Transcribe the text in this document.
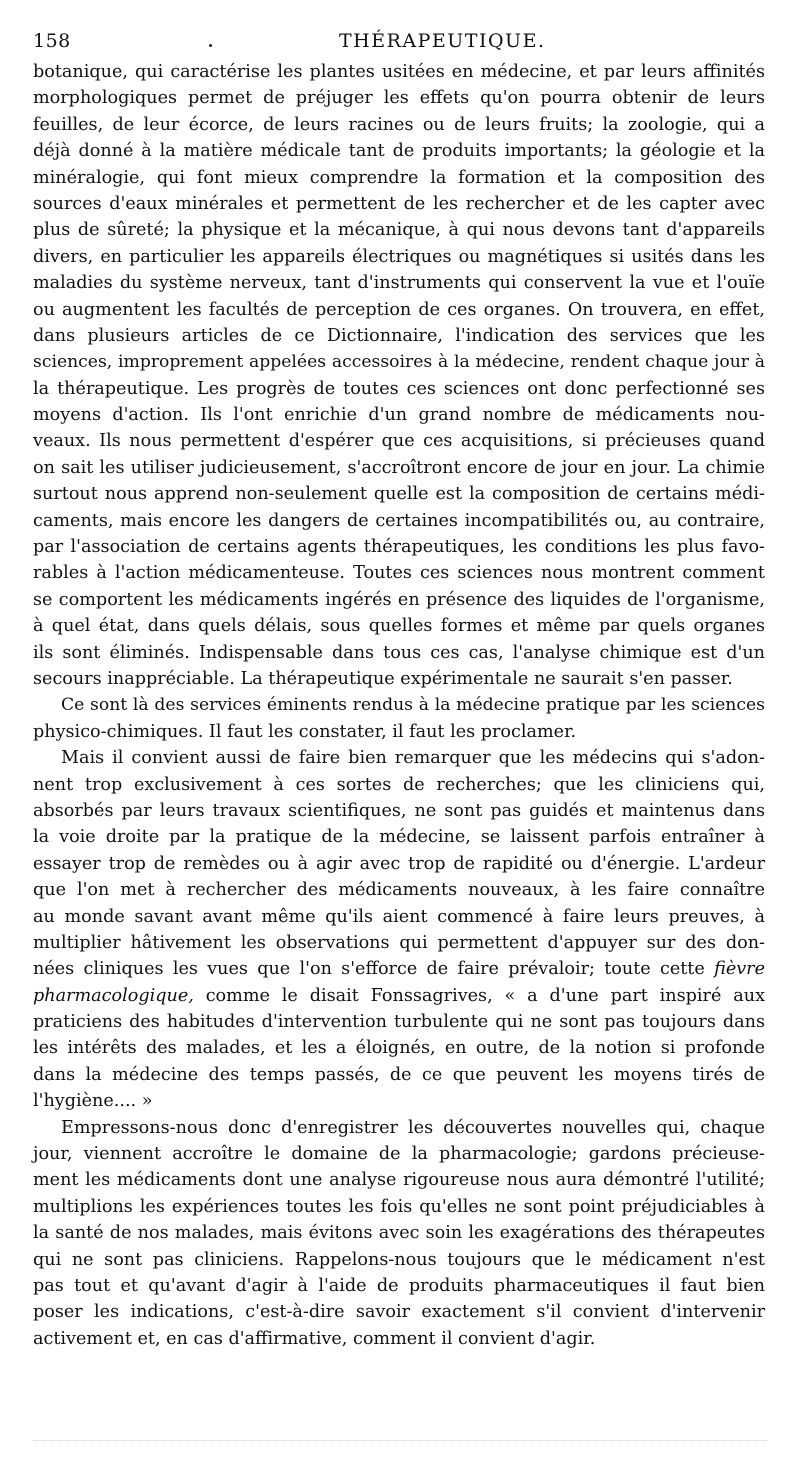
158	THÉRAPEUTIQUE.
botanique, qui caractérise les plantes usitées en médecine, et par leurs affinités
morphologiques permet de préjuger les effets qu'on pourra obtenir de leurs
feuilles, de leur écorce, de leurs racines ou de leurs fruits; la zoologie, qui a
déjà donné à la matière médicale tant de produits importants; la géologie et la
minéralogie, qui font mieux comprendre la formation et la composition des
sources d'eaux minérales et permettent de les rechercher et de les capter avec
plus de sûreté; la physique et la mécanique, à qui nous devons tant d'appareils
divers, en particulier les appareils électriques ou magnétiques si usités dans les
maladies du système nerveux, tant d'instruments qui conservent la vue et l'ouïe
ou augmentent les facultés de perception de ces organes. On trouvera, en effet,
dans plusieurs articles de ce Dictionnaire, l'indication des services que les
sciences, improprement appelées accessoires à la médecine, rendent chaque jour à
la thérapeutique. Les progrès de toutes ces sciences ont donc perfectionné ses
moyens d'action. Ils l'ont enrichie d'un grand nombre de médicaments nou-
veaux. Ils nous permettent d'espérer que ces acquisitions, si précieuses quand
on sait les utiliser judicieusement, s'accroîtront encore de jour en jour. La chimie
surtout nous apprend non-seulement quelle est la composition de certains médi-
caments, mais encore les dangers de certaines incompatibilités ou, au contraire,
par l'association de certains agents thérapeutiques, les conditions les plus favo-
rables à l'action médicamenteuse. Toutes ces sciences nous montrent comment
se comportent les médicaments ingérés en présence des liquides de l'organisme,
à quel état, dans quels délais, sous quelles formes et même par quels organes
ils sont éliminés. Indispensable dans tous ces cas, l'analyse chimique est d'un
secours inappréciable. La thérapeutique expérimentale ne saurait s'en passer.
Ce sont là des services éminents rendus à la médecine pratique par les sciences
physico-chimiques. Il faut les constater, il faut les proclamer.
Mais il convient aussi de faire bien remarquer que les médecins qui s'adon-
nent trop exclusivement à ces sortes de recherches; que les cliniciens qui,
absorbés par leurs travaux scientifiques, ne sont pas guidés et maintenus dans
la voie droite par la pratique de la médecine, se laissent parfois entraîner à
essayer trop de remèdes ou à agir avec trop de rapidité ou d'énergie. L'ardeur
que l'on met à rechercher des médicaments nouveaux, à les faire connaître
au monde savant avant même qu'ils aient commencé à faire leurs preuves, à
multiplier hâtivement les observations qui permettent d'appuyer sur des don-
nées cliniques les vues que l'on s'efforce de faire prévaloir; toute cette fièvre
pharmacologique, comme le disait Fonssagrives, « a d'une part inspiré aux
praticiens des habitudes d'intervention turbulente qui ne sont pas toujours dans
les intérêts des malades, et les a éloignés, en outre, de la notion si profonde
dans la médecine des temps passés, de ce que peuvent les moyens tirés de
l'hygiène.... »
Empressons-nous donc d'enregistrer les découvertes nouvelles qui, chaque
jour, viennent accroître le domaine de la pharmacologie; gardons précieuse-
ment les médicaments dont une analyse rigoureuse nous aura démontré l'utilité;
multiplions les expériences toutes les fois qu'elles ne sont point préjudiciables à
la santé de nos malades, mais évitons avec soin les exagérations des thérapeutes
qui ne sont pas cliniciens. Rappelons-nous toujours que le médicament n'est
pas tout et qu'avant d'agir à l'aide de produits pharmaceutiques il faut bien
poser les indications, c'est-à-dire savoir exactement s'il convient d'intervenir
activement et, en cas d'affirmative, comment il convient d'agir.
